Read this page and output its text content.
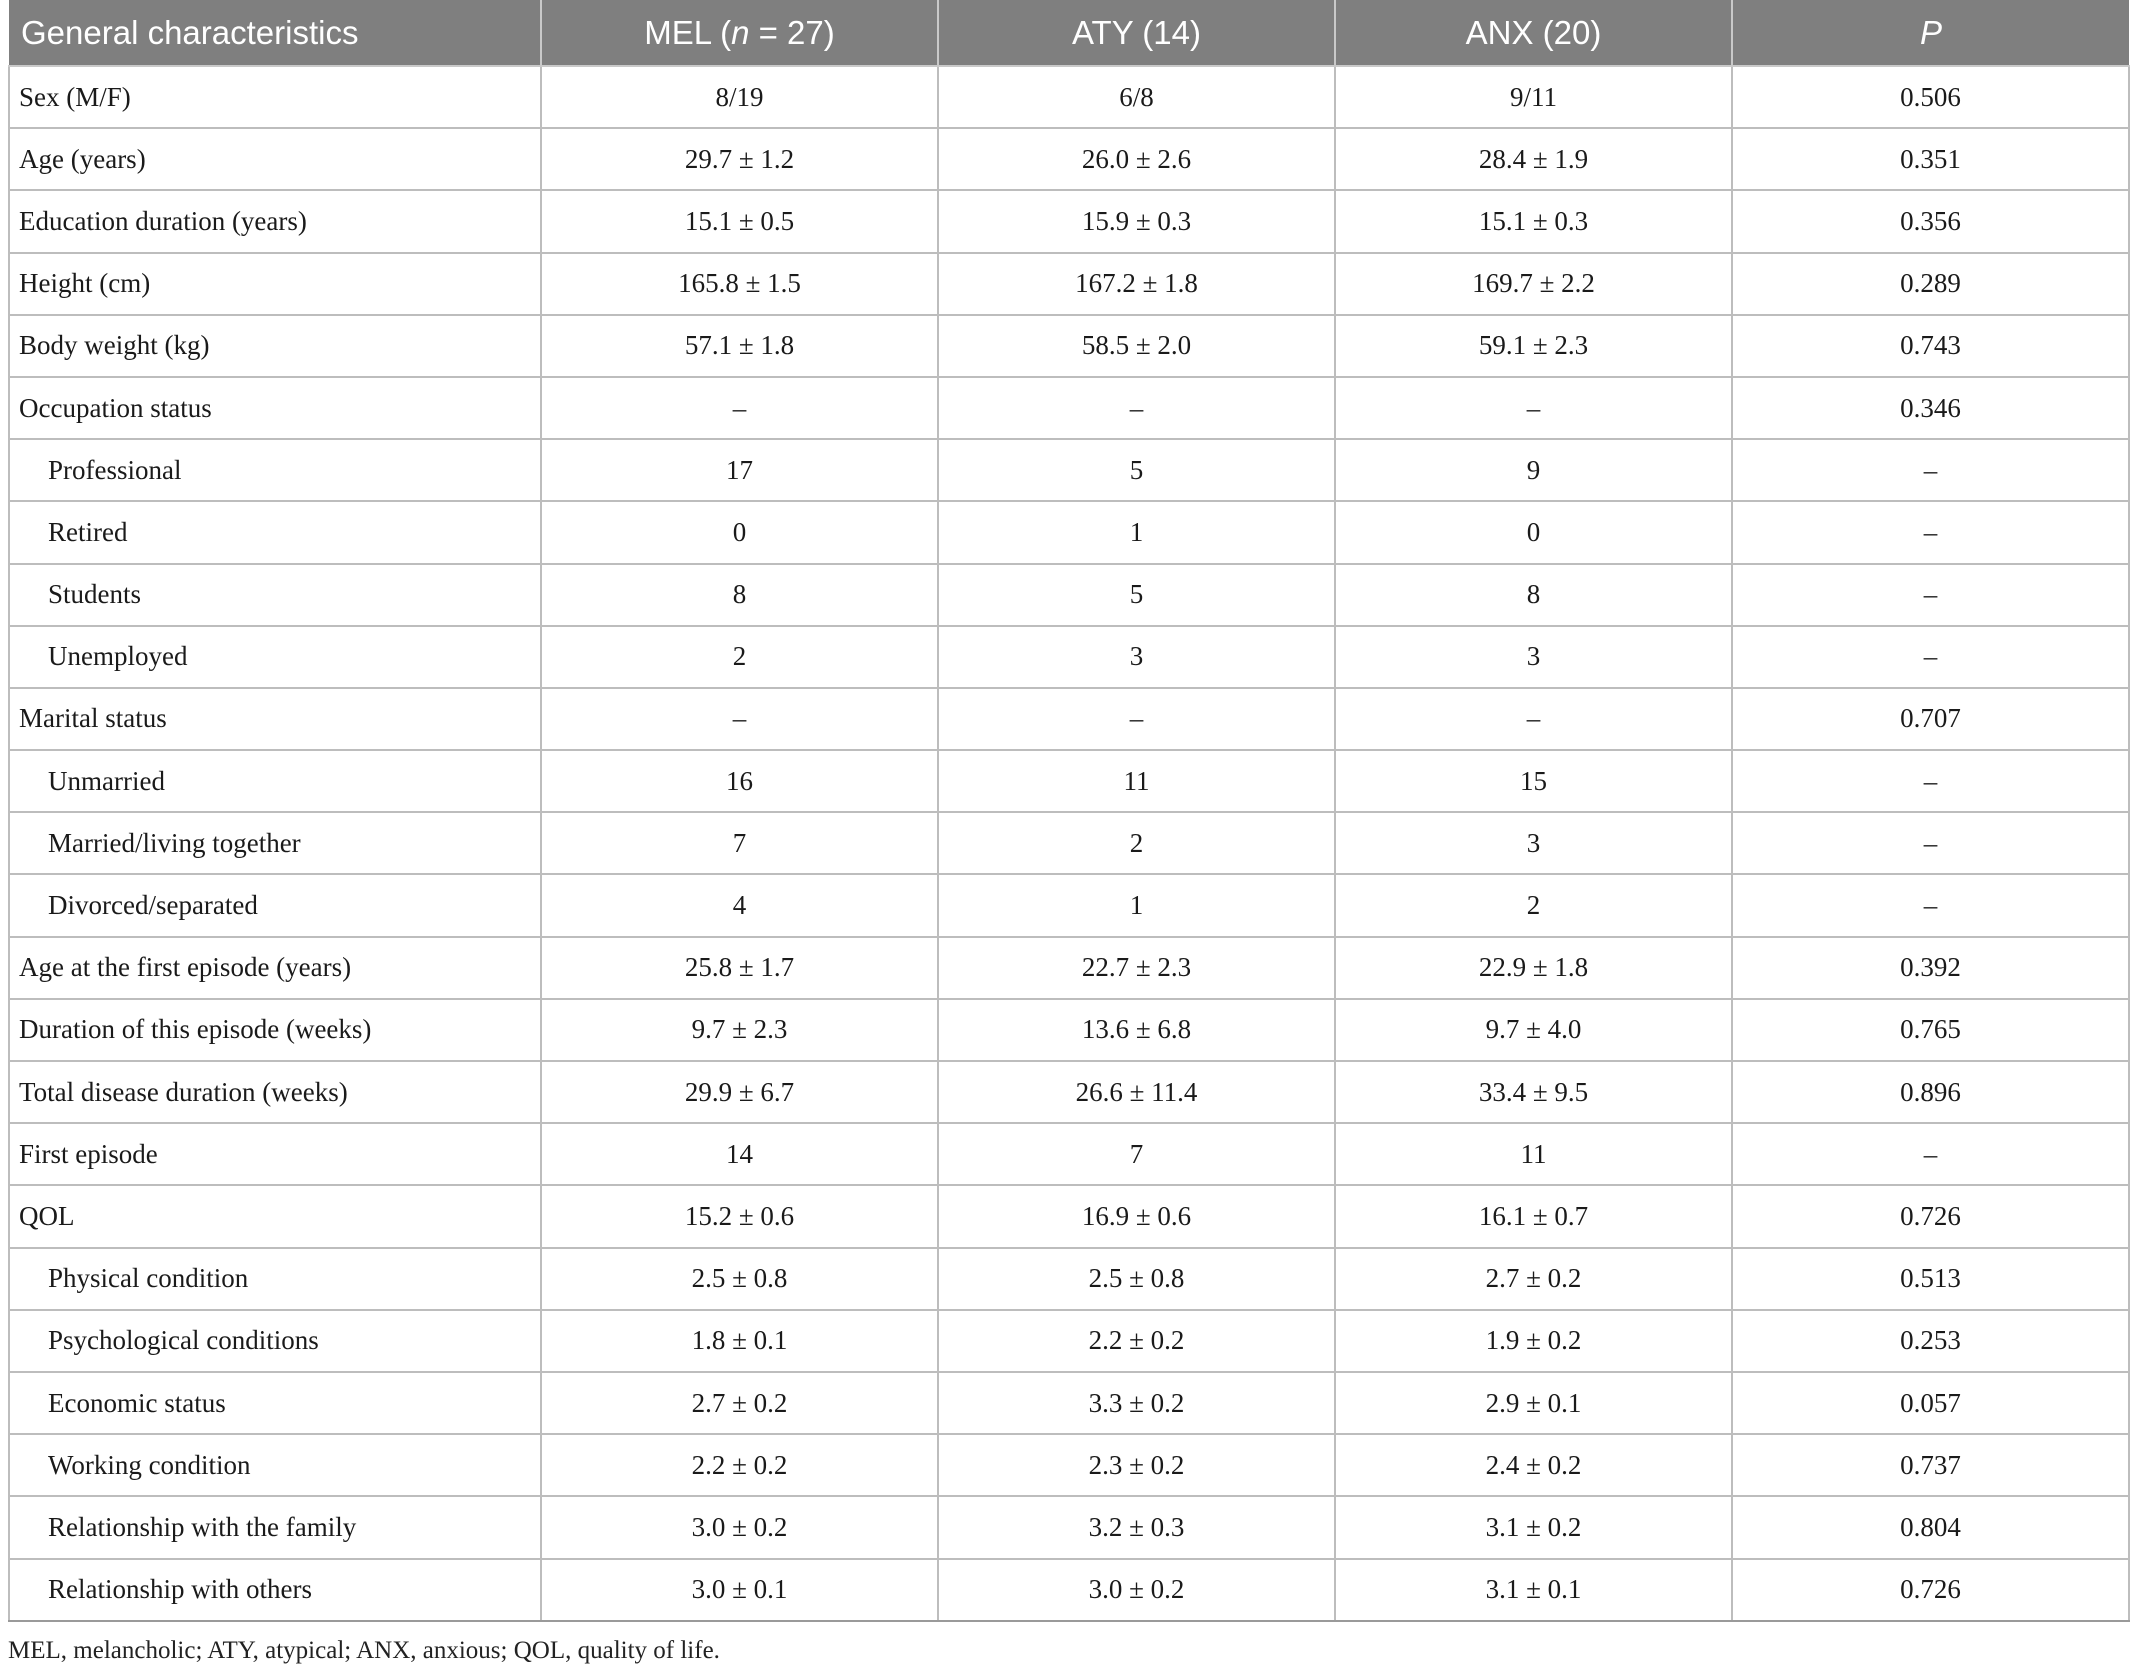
General characteristics	MEL (n = 27)	ATY (14)	ANX (20)	P
Sex (M/F)	8/19	6/8	9/11	0.506
Age (years)	29.7 ± 1.2	26.0 ± 2.6	28.4 ± 1.9	0.351
Education duration (years)	15.1 ± 0.5	15.9 ± 0.3	15.1 ± 0.3	0.356
Height (cm)	165.8 ± 1.5	167.2 ± 1.8	169.7 ± 2.2	0.289
Body weight (kg)	57.1 ± 1.8	58.5 ± 2.0	59.1 ± 2.3	0.743
Occupation status	–	–	–	0.346
Professional	17	5	9	–
Retired	0	1	0	–
Students	8	5	8	–
Unemployed	2	3	3	–
Marital status	–	–	–	0.707
Unmarried	16	11	15	–
Married/living together	7	2	3	–
Divorced/separated	4	1	2	–
Age at the first episode (years)	25.8 ± 1.7	22.7 ± 2.3	22.9 ± 1.8	0.392
Duration of this episode (weeks)	9.7 ± 2.3	13.6 ± 6.8	9.7 ± 4.0	0.765
Total disease duration (weeks)	29.9 ± 6.7	26.6 ± 11.4	33.4 ± 9.5	0.896
First episode	14	7	11	–
QOL	15.2 ± 0.6	16.9 ± 0.6	16.1 ± 0.7	0.726
Physical condition	2.5 ± 0.8	2.5 ± 0.8	2.7 ± 0.2	0.513
Psychological conditions	1.8 ± 0.1	2.2 ± 0.2	1.9 ± 0.2	0.253
Economic status	2.7 ± 0.2	3.3 ± 0.2	2.9 ± 0.1	0.057
Working condition	2.2 ± 0.2	2.3 ± 0.2	2.4 ± 0.2	0.737
Relationship with the family	3.0 ± 0.2	3.2 ± 0.3	3.1 ± 0.2	0.804
Relationship with others	3.0 ± 0.1	3.0 ± 0.2	3.1 ± 0.1	0.726
MEL, melancholic; ATY, atypical; ANX, anxious; QOL, quality of life.
